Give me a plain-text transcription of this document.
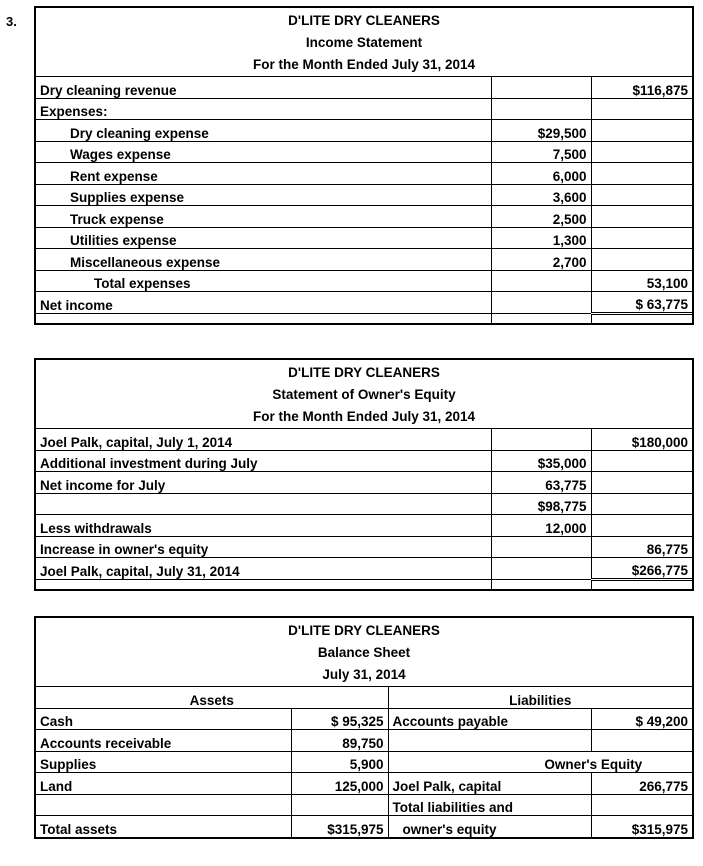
3.	D'LITE DRY CLEANERS
Income Statement
For the Month Ended July 31, 2014
Dry cleaning revenue		$116,875
Expenses:		
Dry cleaning expense	$29,500	
Wages expense	7,500	
Rent expense	6,000	
Supplies expense	3,600	
Truck expense	2,500	
Utilities expense	1,300	
Miscellaneous expense	2,700	
Total expenses		53,100
Net income		$ 63,775

D'LITE DRY CLEANERS
Statement of Owner's Equity
For the Month Ended July 31, 2014
Joel Palk, capital, July 1, 2014		$180,000
Additional investment during July	$35,000	
Net income for July	63,775	
	$98,775	
Less withdrawals	12,000	
Increase in owner's equity		86,775
Joel Palk, capital, July 31, 2014		$266,775

D'LITE DRY CLEANERS
Balance Sheet
July 31, 2014
Assets		Liabilities	
Cash	$ 95,325	Accounts payable	$ 49,200
Accounts receivable	89,750		
Supplies	5,900	Owner's Equity	
Land	125,000	Joel Palk, capital	266,775
		Total liabilities and	
Total assets	$315,975	owner's equity	$315,975
